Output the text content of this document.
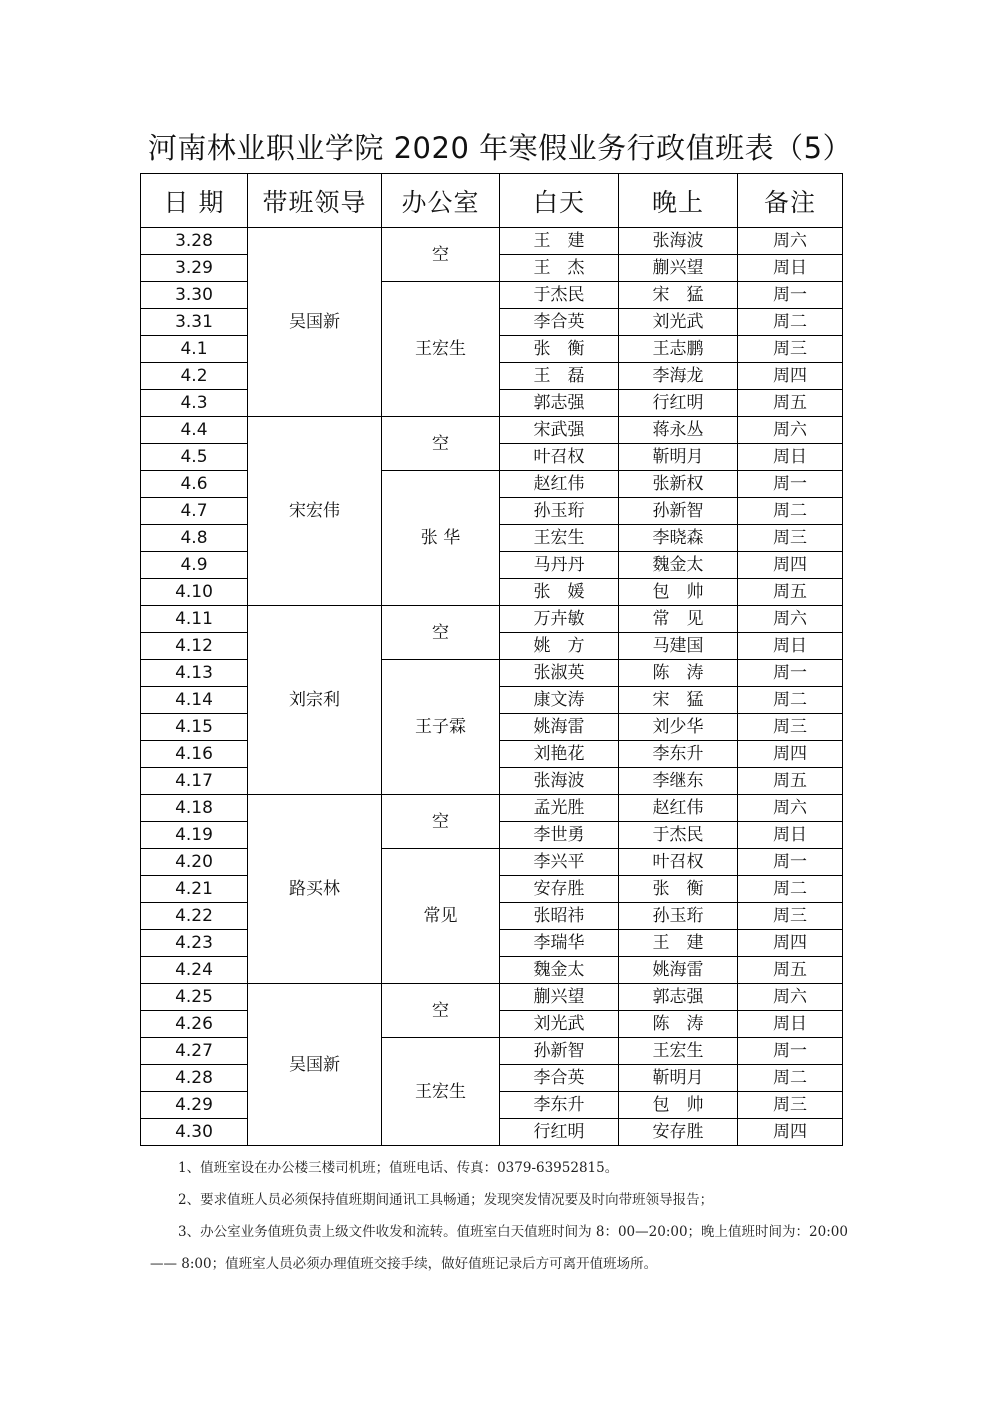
河南林业职业学院 2020 年寒假业务行政值班表（5）
日 期	带班领导	办公室	白天	晚上	备注
3.28	吴国新	空	王　建	张海波	周六
3.29			王　杰	蒯兴望	周日
3.30		王宏生	于杰民	宋　猛	周一
3.31			李合英	刘光武	周二
4.1			张　衡	王志鹏	周三
4.2			王　磊	李海龙	周四
4.3			郭志强	行红明	周五
4.4	宋宏伟	空	宋武强	蒋永丛	周六
4.5			叶召权	靳明月	周日
4.6		张 华	赵红伟	张新权	周一
4.7			孙玉珩	孙新智	周二
4.8			王宏生	李晓森	周三
4.9			马丹丹	魏金太	周四
4.10			张　媛	包　帅	周五
4.11	刘宗利	空	万卉敏	常　见	周六
4.12			姚　方	马建国	周日
4.13		王子霖	张淑英	陈　涛	周一
4.14			康文涛	宋　猛	周二
4.15			姚海雷	刘少华	周三
4.16			刘艳花	李东升	周四
4.17			张海波	李继东	周五
4.18	路买林	空	孟光胜	赵红伟	周六
4.19			李世勇	于杰民	周日
4.20		常见	李兴平	叶召权	周一
4.21			安存胜	张　衡	周二
4.22			张昭祎	孙玉珩	周三
4.23			李瑞华	王　建	周四
4.24			魏金太	姚海雷	周五
4.25	吴国新	空	蒯兴望	郭志强	周六
4.26			刘光武	陈　涛	周日
4.27		王宏生	孙新智	王宏生	周一
4.28			李合英	靳明月	周二
4.29			李东升	包　帅	周三
4.30			行红明	安存胜	周四

1、值班室设在办公楼三楼司机班；值班电话、传真：0379-63952815。

2、要求值班人员必须保持值班期间通讯工具畅通；发现突发情况要及时向带班领导报告；

3、办公室业务值班负责上级文件收发和流转。值班室白天值班时间为 8：00—20:00；晚上值班时间为：20:00—— 8:00；值班室人员必须办理值班交接手续，做好值班记录后方可离开值班场所。
